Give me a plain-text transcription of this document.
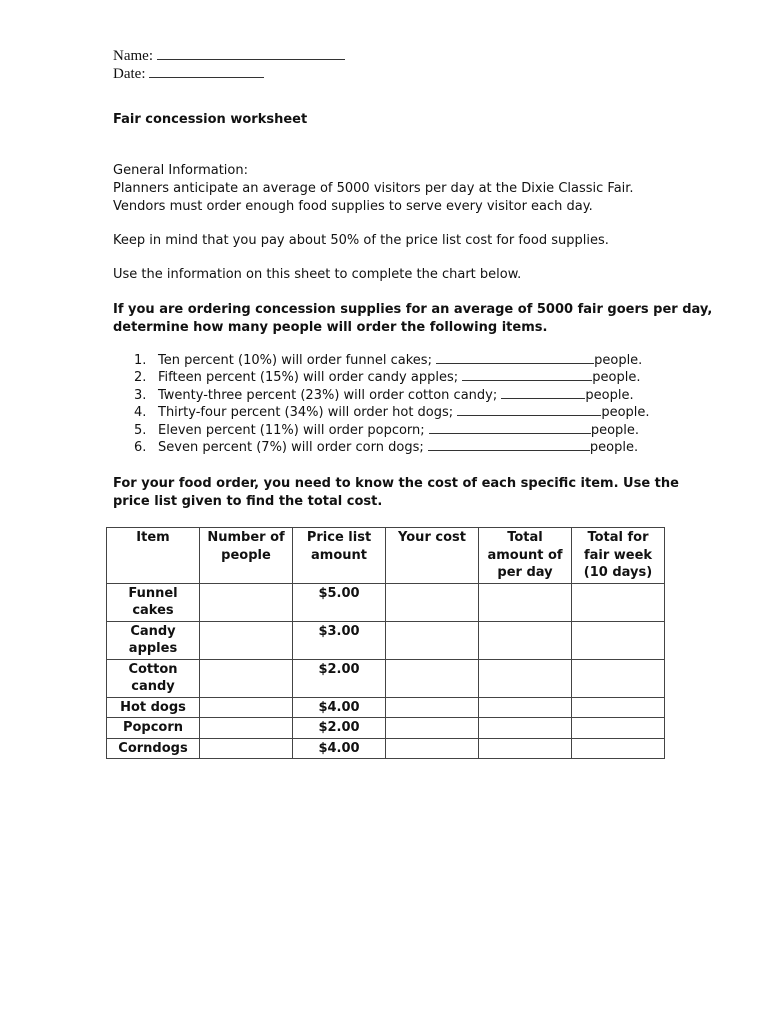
Name:
Date:
Fair concession worksheet
General Information:
Planners anticipate an average of 5000 visitors per day at the Dixie Classic Fair.
Vendors must order enough food supplies to serve every visitor each day.
Keep in mind that you pay about 50% of the price list cost for food supplies.
Use the information on this sheet to complete the chart below.
If you are ordering concession supplies for an average of 5000 fair goers per day,
determine how many people will order the following items.
1. Ten percent (10%) will order funnel cakes;	people.
2. Fifteen percent (15%) will order candy apples;	people.
3. Twenty-three percent (23%) will order cotton candy;	people.
4. Thirty-four percent (34%) will order hot dogs;	people.
5. Eleven percent (11%) will order popcorn;	people.
6. Seven percent (7%) will order corn dogs;	people.
For your food order, you need to know the cost of each specific item. Use the
price list given to find the total cost.
Item	Number of people	Price list amount	Your cost	Total amount of per day	Total for fair week (10 days)
Funnel cakes		$5.00			
Candy apples		$3.00			
Cotton candy		$2.00			
Hot dogs		$4.00			
Popcorn		$2.00			
Corndogs		$4.00			
